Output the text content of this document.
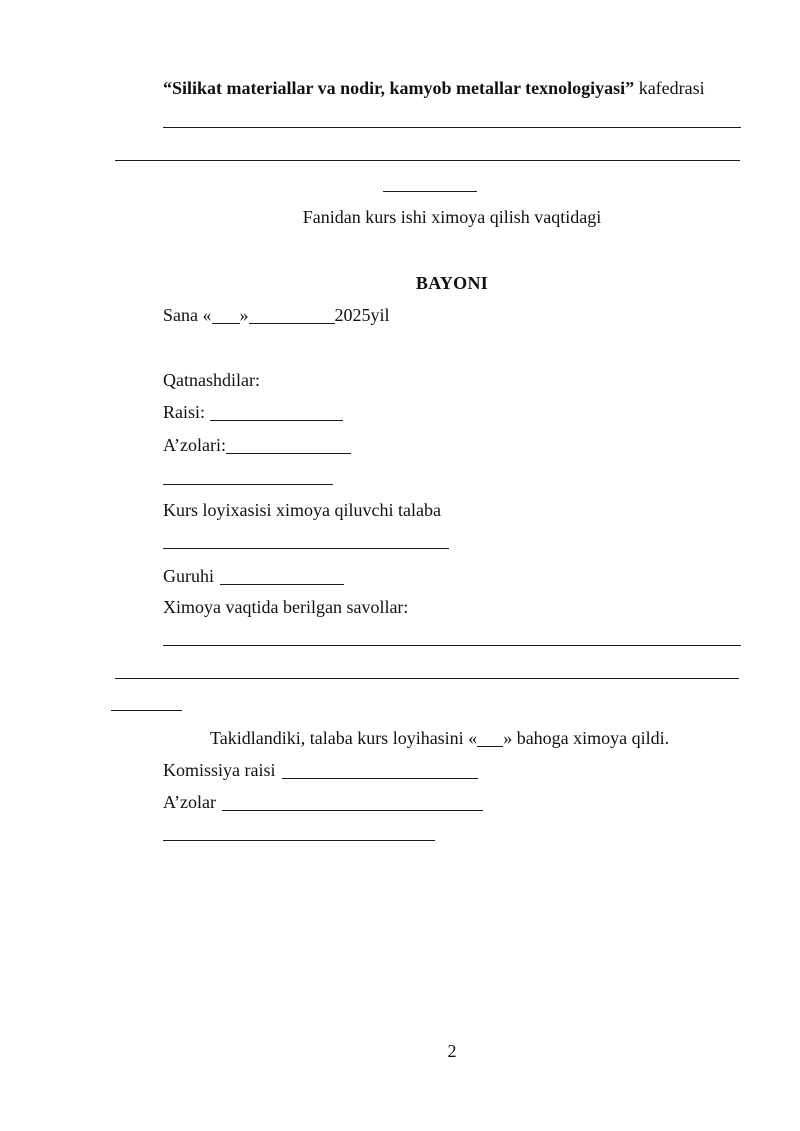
“Silikat materiallar va nodir, kamyob metallar texnologiyasi” kafedrasi
Fanidan kurs ishi ximoya qilish vaqtidagi
BAYONI
Sana « »	2025yil
Qatnashdilar:
Raisi:
A’zolari:
Kurs loyixasisi ximoya qiluvchi talaba
Guruhi
Ximoya vaqtida berilgan savollar:
Takidlandiki, talaba kurs loyihasini « » bahoga ximoya qildi.
Komissiya raisi
A’zolar
2
